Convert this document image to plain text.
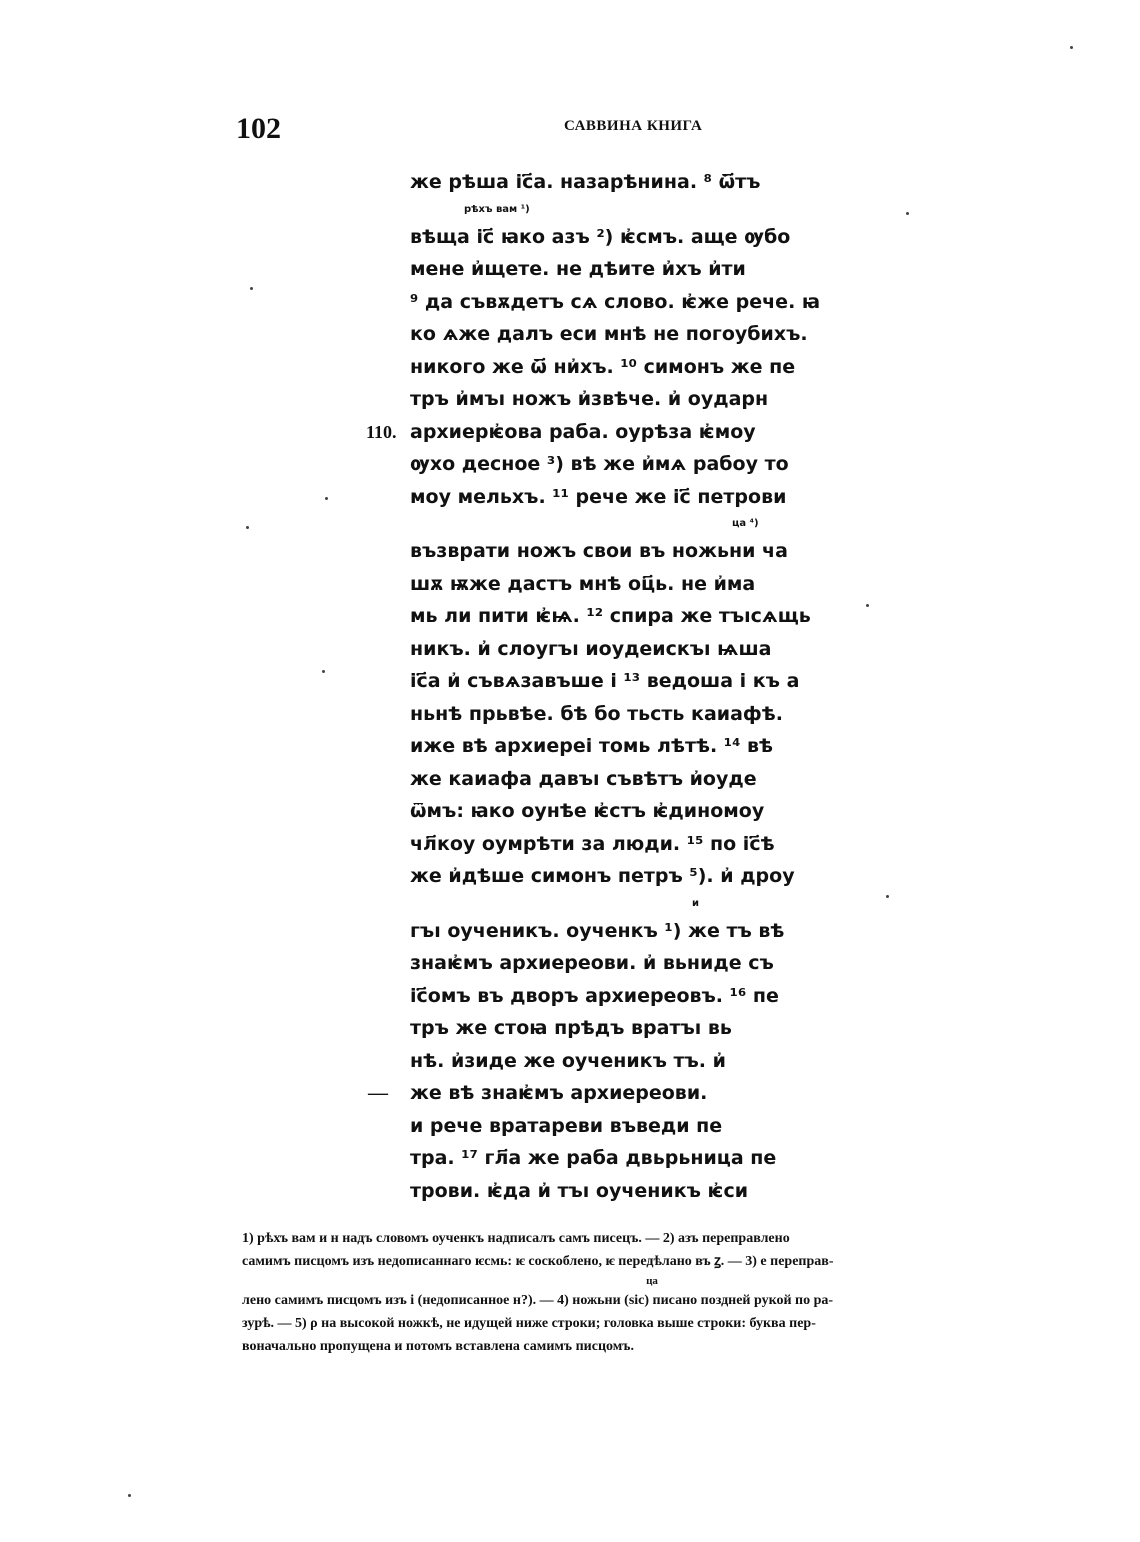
102	САВВИНА КНИГА
же рѣша ic҃а. назарѣнина. ⁸ ѿ҃тъ
рѣхъ вам ¹)
вѣща ic҃ ꙗко азъ ²) ѥ҆смъ. аще ѹбо
мене и҆щете. не дѣите и҆хъ и҆ти
⁹ да съвѫдетъ сѧ слово. ѥ҆же рече. ꙗ
ко ѧже далъ еси мнѣ не погоубихъ.
никого же ѿ҃ ни҆хъ. ¹⁰ симонъ же пе
тръ и҆мъı ножъ и҆звѣче. и҆ оударн
110. архиерѥ҆ова раба. оурѣза ѥ҆моу
ѹхо десное ³) вѣ же и҆мѧ рабоу то
моу мельхъ. ¹¹ рече же ic҃ петрови
ца ⁴)
възврати ножъ свои въ ножьни ча
шѫ ѭже дастъ мнѣ оц҃ь. не и҆ма
мь ли пити ѥ҆ѩ. ¹² спира же тъıсѧщь
никъ. и҆ слоугъı иоудеискъı ѩша
ic҃а и҆ съвѧзавъше i ¹³ ведоша i къ а
ньнѣ прьвѣе. бѣ бо тьсть каиафѣ.
иже вѣ архиереi томь лѣтѣ. ¹⁴ вѣ
же каиафа давъı съвѣтъ и҆оуде
ѿмъ: ꙗко оунѣе ѥ҆стъ ѥ҆диномоу
чл҃коу оумрѣти за люди. ¹⁵ по ic҃ѣ
же и҆дѣше симонъ петръ ⁵). и҆ дроу
и
гъı оученикъ. оученкъ ¹) же тъ вѣ
знаѥ҆мъ архиереови. и҆ вьниде съ
ic҃омъ въ дворъ архиереовъ. ¹⁶ пе
тръ же стоꙗ прѣдъ вратъı вь
нѣ. и҆зиде же оученикъ тъ. и҆
— же вѣ знаѥ҆мъ архиереови.
и рече вратареви въведи пе
тра. ¹⁷ гл҃а же раба двьрьница пе
трови. ѥ҆да и҆ тъı оученикъ ѥ҆си
1) рѣхъ вам и н надъ словомъ оученкъ надписалъ самъ писецъ. — 2) азъ переправлено
самимъ писцомъ изъ недописаннаго ѥсмь: ѥ соскоблено, ѥ передѣлано въ ꙁ. — 3) е переправ-
ца
лено самимъ писцомъ изъ і (недописанное н?). — 4) ножьни (sic) писано поздней рукой по ра-
зурѣ. — 5) ρ на высокой ножкѣ, не идущей ниже строки; головка выше строки: буква пер-
воначально пропущена и потомъ вставлена самимъ писцомъ.
